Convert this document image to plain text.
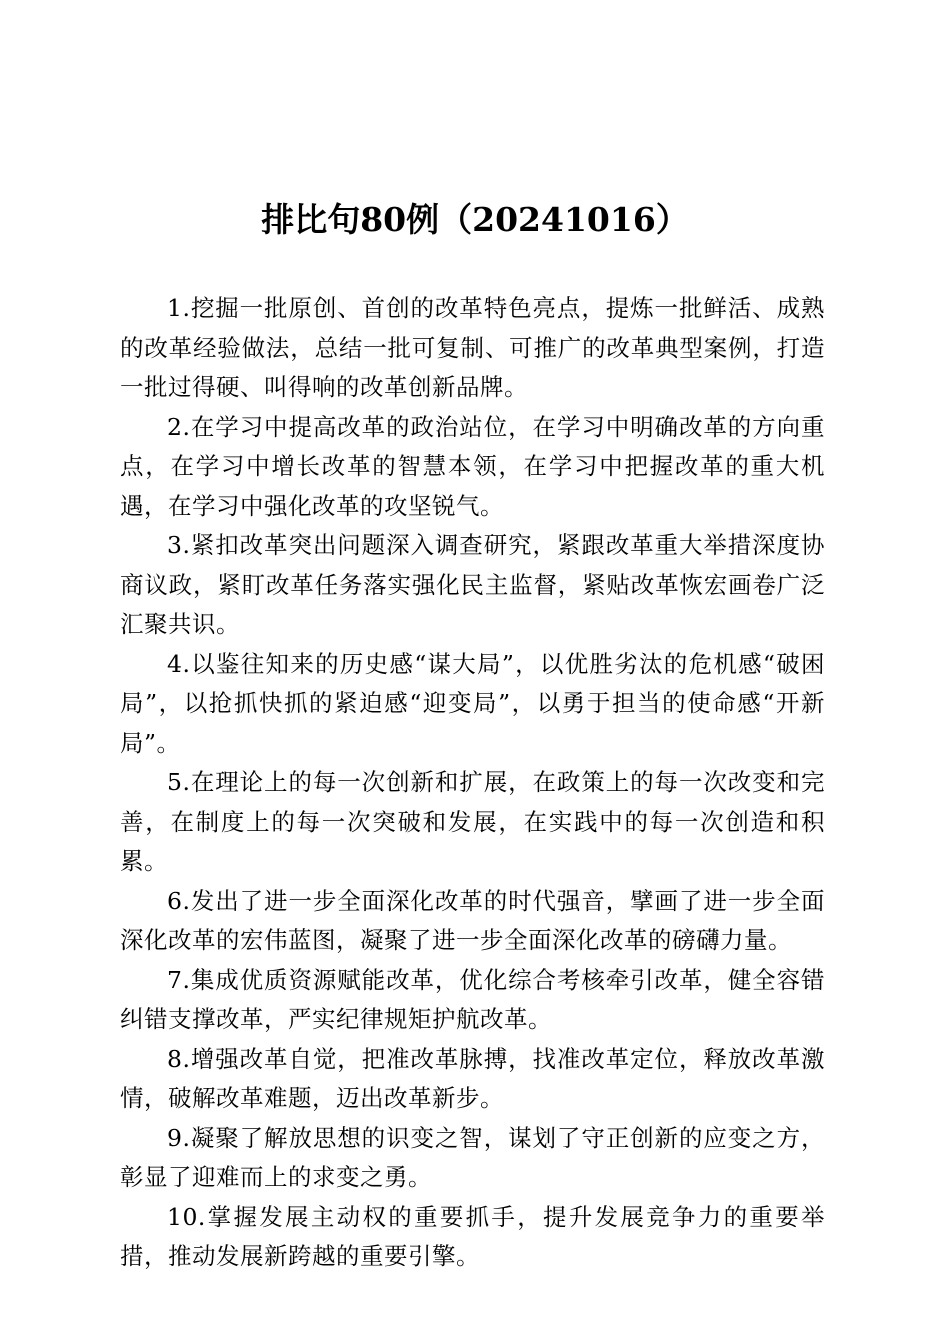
排比句80例（20241016）

1.挖掘一批原创、首创的改革特色亮点，提炼一批鲜活、成熟的改革经验做法，总结一批可复制、可推广的改革典型案例，打造一批过得硬、叫得响的改革创新品牌。

2.在学习中提高改革的政治站位，在学习中明确改革的方向重点，在学习中增长改革的智慧本领，在学习中把握改革的重大机遇，在学习中强化改革的攻坚锐气。

3.紧扣改革突出问题深入调查研究，紧跟改革重大举措深度协商议政，紧盯改革任务落实强化民主监督，紧贴改革恢宏画卷广泛汇聚共识。

4.以鉴往知来的历史感“谋大局”，以优胜劣汰的危机感“破困局”，以抢抓快抓的紧迫感“迎变局”，以勇于担当的使命感“开新局”。

5.在理论上的每一次创新和扩展，在政策上的每一次改变和完善，在制度上的每一次突破和发展，在实践中的每一次创造和积累。

6.发出了进一步全面深化改革的时代强音，擘画了进一步全面深化改革的宏伟蓝图，凝聚了进一步全面深化改革的磅礴力量。

7.集成优质资源赋能改革，优化综合考核牵引改革，健全容错纠错支撑改革，严实纪律规矩护航改革。

8.增强改革自觉，把准改革脉搏，找准改革定位，释放改革激情，破解改革难题，迈出改革新步。

9.凝聚了解放思想的识变之智，谋划了守正创新的应变之方，彰显了迎难而上的求变之勇。

10.掌握发展主动权的重要抓手，提升发展竞争力的重要举措，推动发展新跨越的重要引擎。
